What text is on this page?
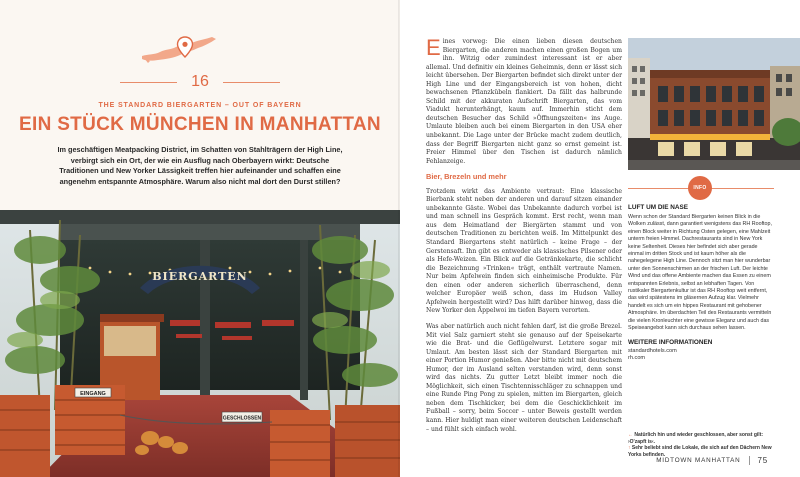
16
THE STANDARD BIERGARTEN – OUT OF BAYERN
EIN STÜCK MÜNCHEN IN MANHATTAN
Im geschäftigen Meatpacking District, im Schatten von Stahlträgern der High Line, verbirgt sich ein Ort, der wie ein Ausflug nach Oberbayern wirkt: Deutsche Traditionen und New Yorker Lässigkeit treffen hier aufeinander und schaffen eine angenehm entspannte Atmosphäre. Warum also nicht mal dort den Durst stillen?
BIERGARTEN
EINGANG
GESCHLOSSEN

Eines vorweg: Die einen lieben diesen deutschen Biergarten, die anderen machen einen großen Bogen um ihn. Witzig oder zumindest interessant ist er aber allemal. Und definitiv ein kleines Geheimnis, denn er lässt sich leicht übersehen. Der Biergarten befindet sich direkt unter der High Line und der Eingangsbereich ist von hohen, dicht bewachsenen Pflanzkübeln flankiert. Da fällt das halbrunde Schild mit der akkuraten Aufschrift Biergarten, das vom Viadukt herunterhängt, kaum auf. Immerhin sticht dem deutschen Besucher das Schild »Öffnungszeiten« ins Auge. Umlaute bleiben auch bei einem Biergarten in den USA eher unbekannt. Die Lage unter der Brücke macht zudem deutlich, dass der Begriff Biergarten nicht ganz so ernst gemeint ist. Freier Himmel über den Tischen ist dadurch nämlich Fehlanzeige.

Bier, Brezeln und mehr

Trotzdem wirkt das Ambiente vertraut: Eine klassische Bierbank steht neben der anderen und darauf sitzen einander unbekannte Gäste. Wobei das Unbekannte dadurch vorbei ist und man schnell ins Gespräch kommt. Erst recht, wenn man aus dem Heimatland der Biergärten stammt und von deutschen Traditionen zu berichten weiß. Im Mittelpunkt des Standard Biergartens steht natürlich – keine Frage – der Gerstensaft. Ihn gibt es entweder als klassisches Pilsener oder als Hefe-Weizen. Ein Blick auf die Getränkekarte, die schlicht die Bezeichnung »Trinken« trägt, enthält vertraute Namen. Nur beim Apfelwein finden sich einheimische Produkte. Für den einen oder anderen sicherlich überraschend, denn welcher Europäer weiß schon, dass im Hudson Valley Apfelwein hergestellt wird? Das hilft darüber hinweg, dass die New Yorker den Äppelwoi im tiefen Bayern verorten.

Was aber natürlich auch nicht fehlen darf, ist die große Brezel. Mit viel Salz garniert steht sie genauso auf der Speisekarte wie die Brat- und die Geflügelwurst. Letztere sogar mit Umlaut. Am besten lässt sich der Standard Biergarten mit einer Portion Humor genießen. Aber bitte nicht mit deutschem Humor, der im Ausland selten verstanden wird, denn sonst wird das nichts. Zu gutter Letzt bleibt immer noch die Möglichkeit, sich einen Tischtennisschläger zu schnappen und eine Runde Ping Pong zu spielen, mitten im Biergarten, gleich neben dem Tischkicker, bei dem die Geschicklichkeit im Fußball – sorry, beim Soccer – unter Beweis gestellt werden kann. Hier huldigt man einer weiteren deutschen Leidenschaft – und fühlt sich einfach wohl.

INFO
LUFT UM DIE NASE
Wenn schon der Standard Biergarten keinen Blick in die Wolken zulässt, dann garantiert wenigstens das RH Rooftop, einen Block weiter in Richtung Osten gelegen, eine Mahlzeit unterm freien Himmel. Dachrestaurants sind in New York keine Seltenheit. Dieses hier befindet sich aber gerade einmal im dritten Stock und ist kaum höher als die nahegelegene High Line. Dennoch sitzt man hier wunderbar unter den Sonnenschirmen an der frischen Luft. Der leichte Wind und das offene Ambiente machen das Essen zu einem entspannten Erlebnis, selbst an lebhaften Tagen. Von rustikaler Biergartenkultur ist das RH Rooftop weit entfernt, das wird spätestens im gläsernen Aufzug klar. Vielmehr handelt es sich um ein hippes Restaurant mit gehobener Atmosphäre. Im überdachten Teil des Restaurants vermitteln die vielen Kronleuchter eine gewisse Eleganz und auch das Speiseangebot kann sich durchaus sehen lassen.
WEITERE INFORMATIONEN
standardhotels.com
rh.com
← Natürlich hin und wieder geschlossen, aber sonst gilt: ›O'zapft is‹.
↑ Sehr beliebt sind die Lokale, die sich auf den Dächern New Yorks befinden.
MIDTOWN MANHATTAN 75
